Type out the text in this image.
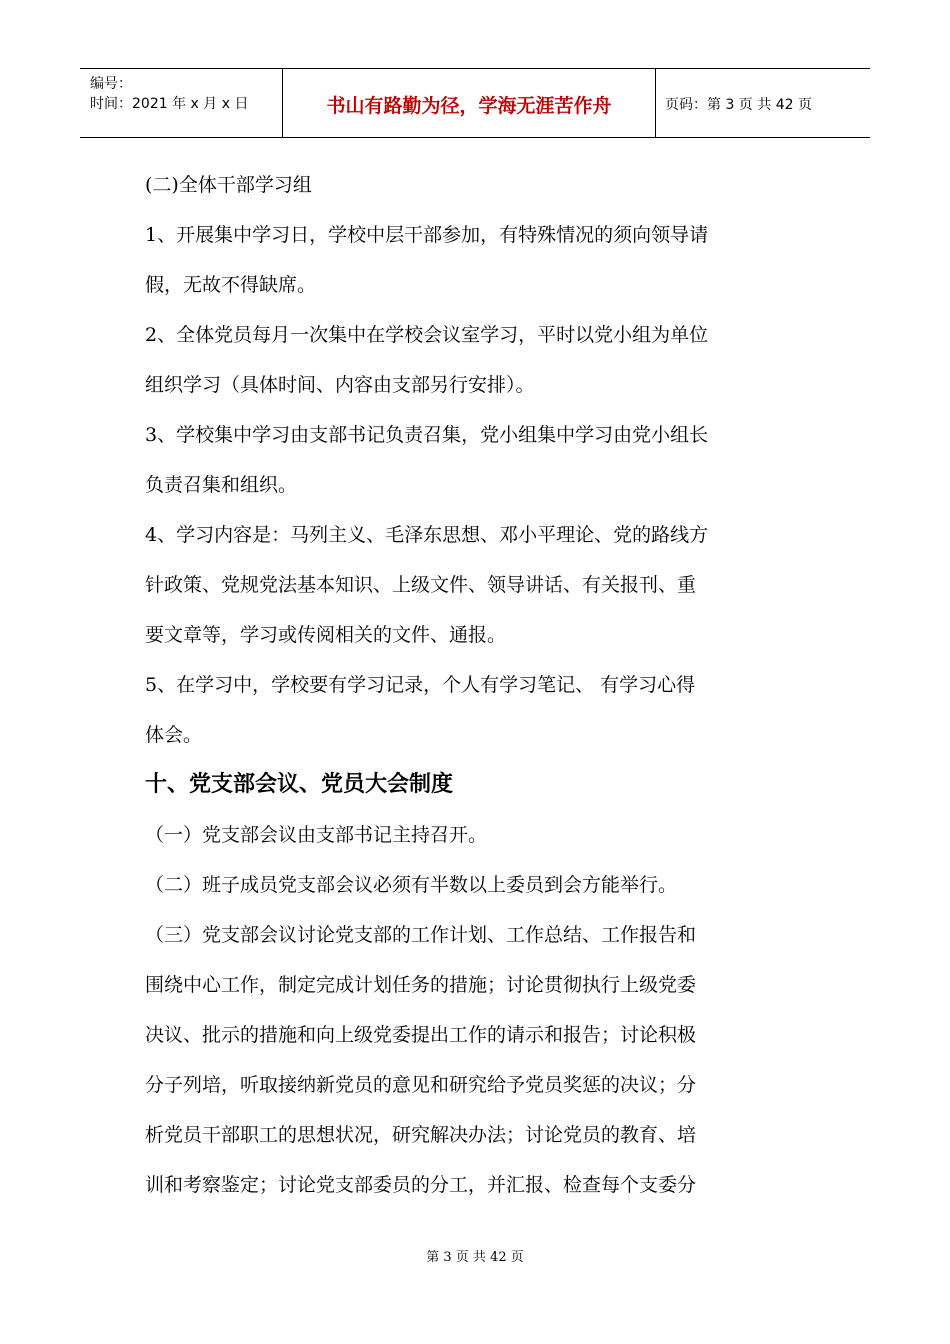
编号：
时间：2021 年 x 月 x 日	书山有路勤为径，学海无涯苦作舟	页码：第 3 页 共 42 页

(二)全体干部学习组

1、开展集中学习日，学校中层干部参加，有特殊情况的须向领导请

假，无故不得缺席。

2、全体党员每月一次集中在学校会议室学习，平时以党小组为单位

组织学习（具体时间、内容由支部另行安排）。

3、学校集中学习由支部书记负责召集，党小组集中学习由党小组长

负责召集和组织。

4、学习内容是：马列主义、毛泽东思想、邓小平理论、党的路线方

针政策、党规党法基本知识、上级文件、领导讲话、有关报刊、重

要文章等，学习或传阅相关的文件、通报。

5、在学习中，学校要有学习记录，个人有学习笔记、 有学习心得

体会。

十、党支部会议、党员大会制度

（一）党支部会议由支部书记主持召开。

（二）班子成员党支部会议必须有半数以上委员到会方能举行。

（三）党支部会议讨论党支部的工作计划、工作总结、工作报告和

围绕中心工作，制定完成计划任务的措施；讨论贯彻执行上级党委

决议、批示的措施和向上级党委提出工作的请示和报告；讨论积极

分子列培，听取接纳新党员的意见和研究给予党员奖惩的决议；分

析党员干部职工的思想状况，研究解决办法；讨论党员的教育、培

训和考察鉴定；讨论党支部委员的分工，并汇报、检查每个支委分

第 3 页 共 42 页
